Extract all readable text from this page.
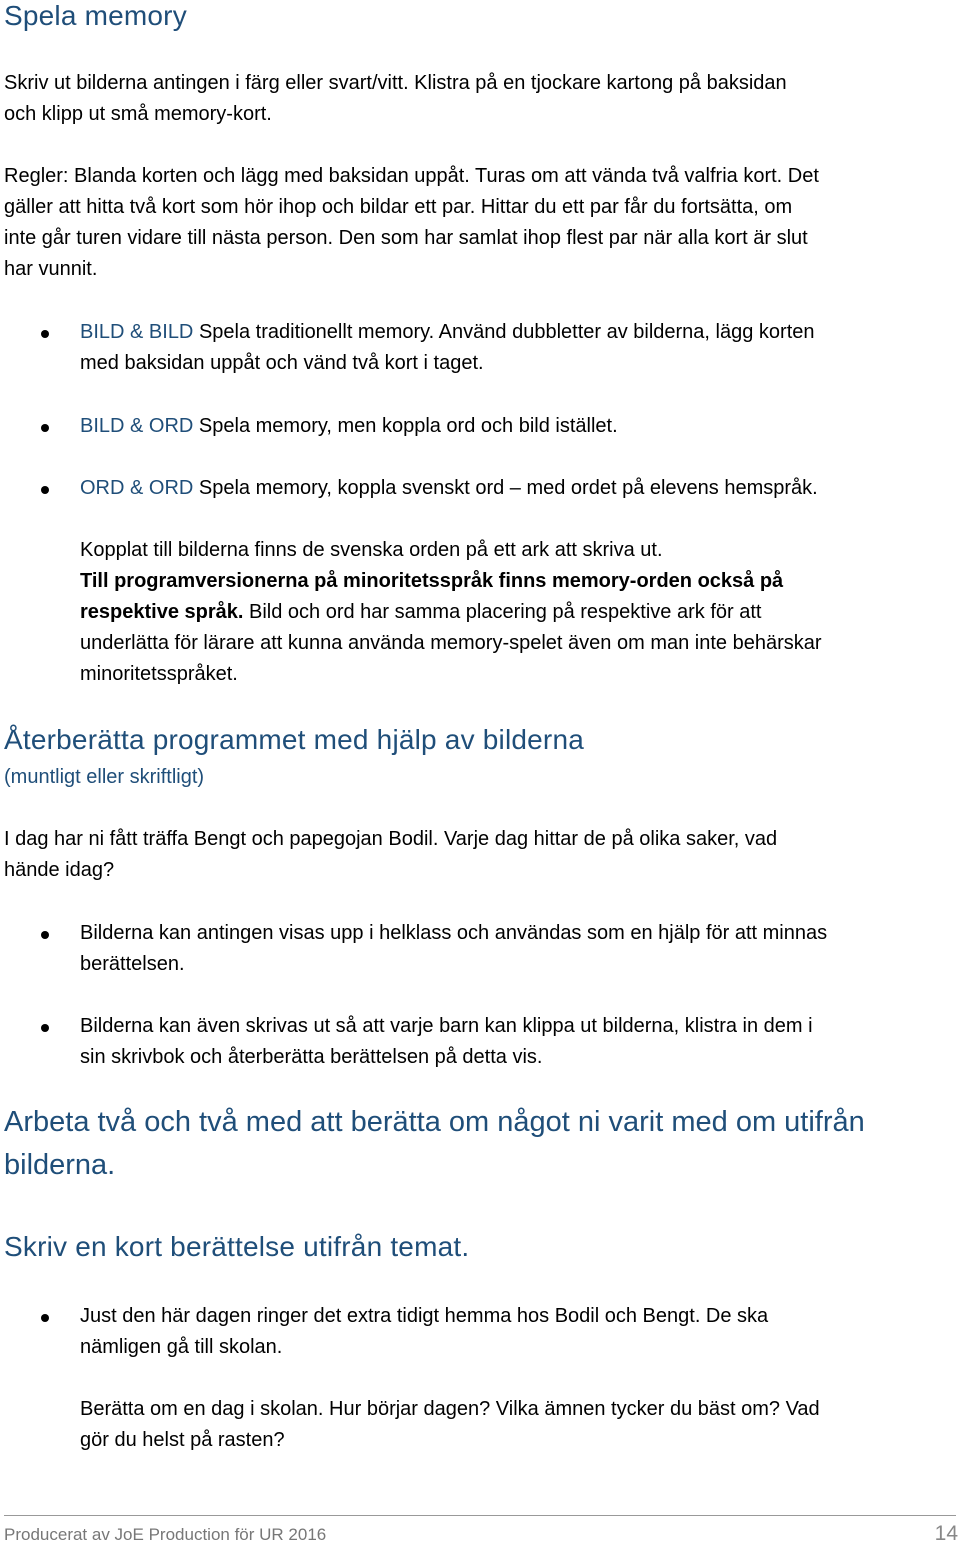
Spela memory
Skriv ut bilderna antingen i färg eller svart/vitt. Klistra på en tjockare kartong på baksidan
och klipp ut små memory-kort.
Regler: Blanda korten och lägg med baksidan uppåt. Turas om att vända två valfria kort. Det
gäller att hitta två kort som hör ihop och bildar ett par. Hittar du ett par får du fortsätta, om
inte går turen vidare till nästa person. Den som har samlat ihop flest par när alla kort är slut
har vunnit.
BILD & BILD Spela traditionellt memory. Använd dubbletter av bilderna, lägg korten
med baksidan uppåt och vänd två kort i taget.
BILD & ORD Spela memory, men koppla ord och bild istället.
ORD & ORD Spela memory, koppla svenskt ord – med ordet på elevens hemspråk.
Kopplat till bilderna finns de svenska orden på ett ark att skriva ut.
Till programversionerna på minoritetsspråk finns memory-orden också på
respektive språk. Bild och ord har samma placering på respektive ark för att
underlätta för lärare att kunna använda memory-spelet även om man inte behärskar
minoritetsspråket.
Återberätta programmet med hjälp av bilderna
(muntligt eller skriftligt)
I dag har ni fått träffa Bengt och papegojan Bodil. Varje dag hittar de på olika saker, vad
hände idag?
Bilderna kan antingen visas upp i helklass och användas som en hjälp för att minnas
berättelsen.
Bilderna kan även skrivas ut så att varje barn kan klippa ut bilderna, klistra in dem i
sin skrivbok och återberätta berättelsen på detta vis.
Arbeta två och två med att berätta om något ni varit med om utifrån
bilderna.
Skriv en kort berättelse utifrån temat.
Just den här dagen ringer det extra tidigt hemma hos Bodil och Bengt. De ska
nämligen gå till skolan.
Berätta om en dag i skolan. Hur börjar dagen? Vilka ämnen tycker du bäst om? Vad
gör du helst på rasten?
Producerat av JoE Production för UR 2016	14
